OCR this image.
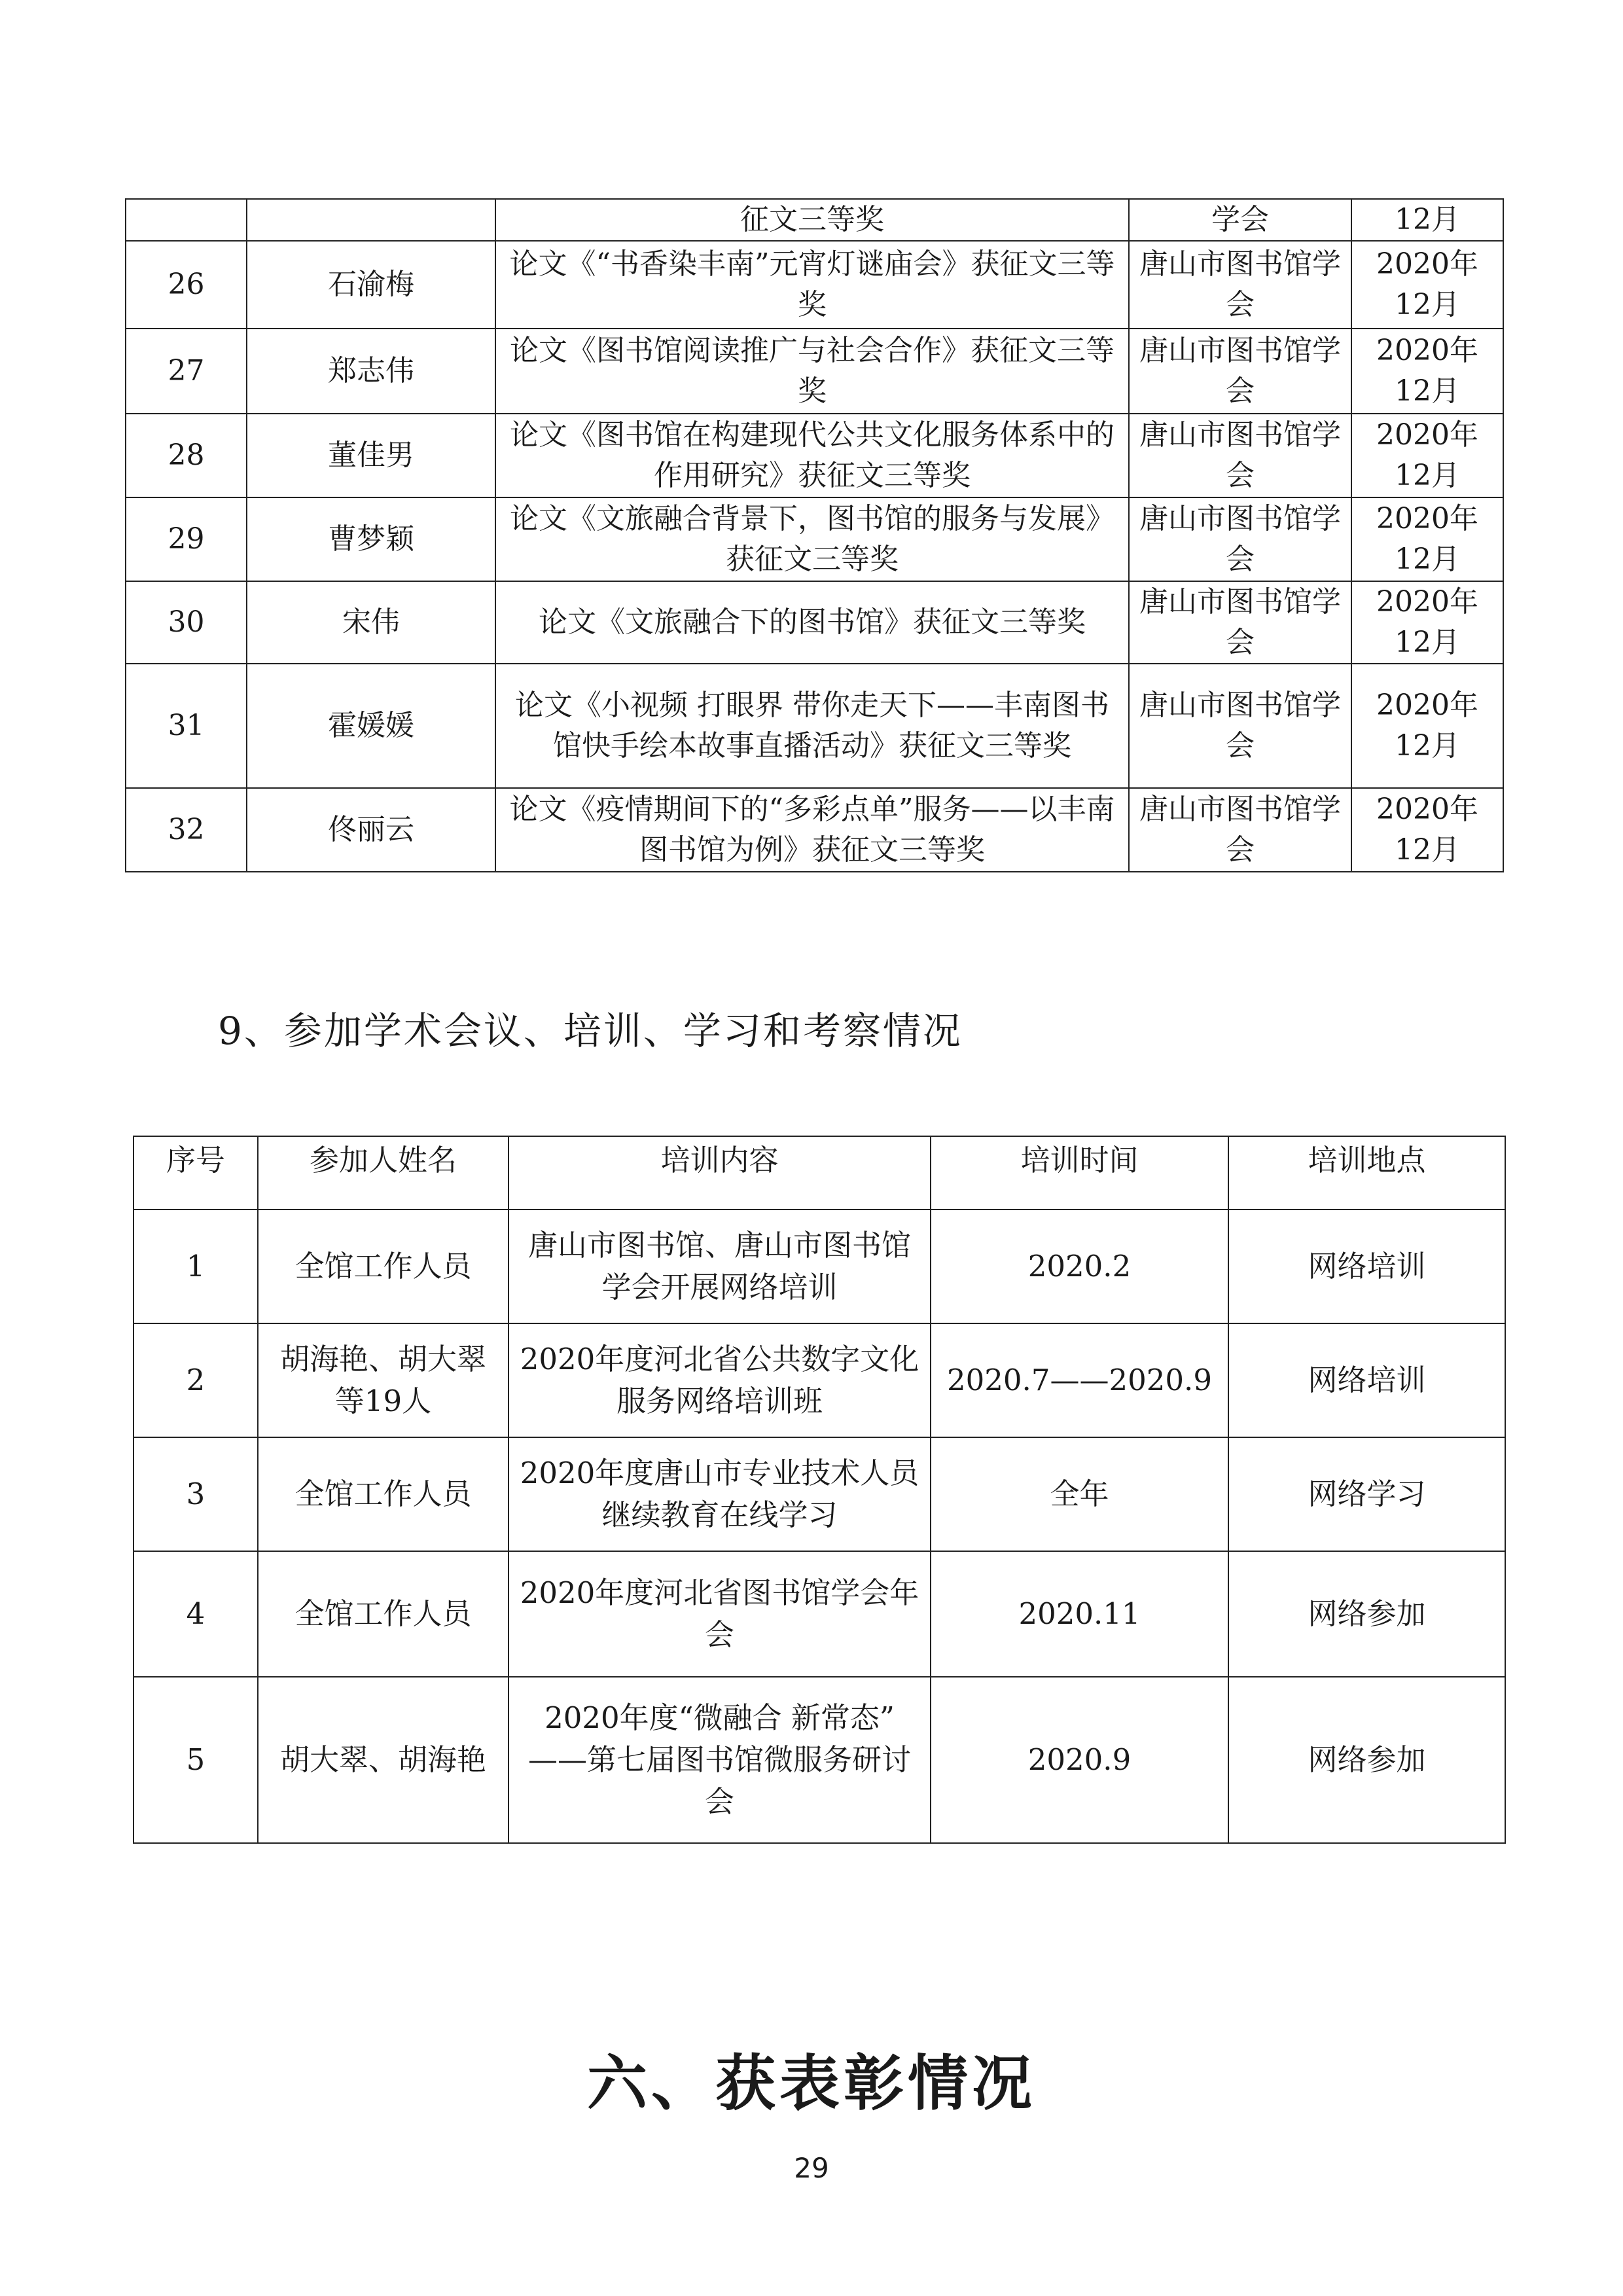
		征文三等奖	学会	12月
26	石渝梅	论文《“书香染丰南”元宵灯谜庙会》获征文三等奖	唐山市图书馆学会	2020年12月
27	郑志伟	论文《图书馆阅读推广与社会合作》获征文三等奖	唐山市图书馆学会	2020年12月
28	董佳男	论文《图书馆在构建现代公共文化服务体系中的作用研究》获征文三等奖	唐山市图书馆学会	2020年12月
29	曹梦颖	论文《文旅融合背景下，图书馆的服务与发展》获征文三等奖	唐山市图书馆学会	2020年12月
30	宋伟	论文《文旅融合下的图书馆》获征文三等奖	唐山市图书馆学会	2020年12月
31	霍媛媛	论文《小视频 打眼界 带你走天下——丰南图书馆快手绘本故事直播活动》获征文三等奖	唐山市图书馆学会	2020年12月
32	佟丽云	论文《疫情期间下的“多彩点单”服务——以丰南图书馆为例》获征文三等奖	唐山市图书馆学会	2020年12月
9、参加学术会议、培训、学习和考察情况
序号	参加人姓名	培训内容	培训时间	培训地点
1	全馆工作人员	唐山市图书馆、唐山市图书馆学会开展网络培训	2020.2	网络培训
2	胡海艳、胡大翠等19人	2020年度河北省公共数字文化服务网络培训班	2020.7——2020.9	网络培训
3	全馆工作人员	2020年度唐山市专业技术人员继续教育在线学习	全年	网络学习
4	全馆工作人员	2020年度河北省图书馆学会年会	2020.11	网络参加
5	胡大翠、胡海艳	2020年度“微融合 新常态” ——第七届图书馆微服务研讨会	2020.9	网络参加
六、获表彰情况
29
